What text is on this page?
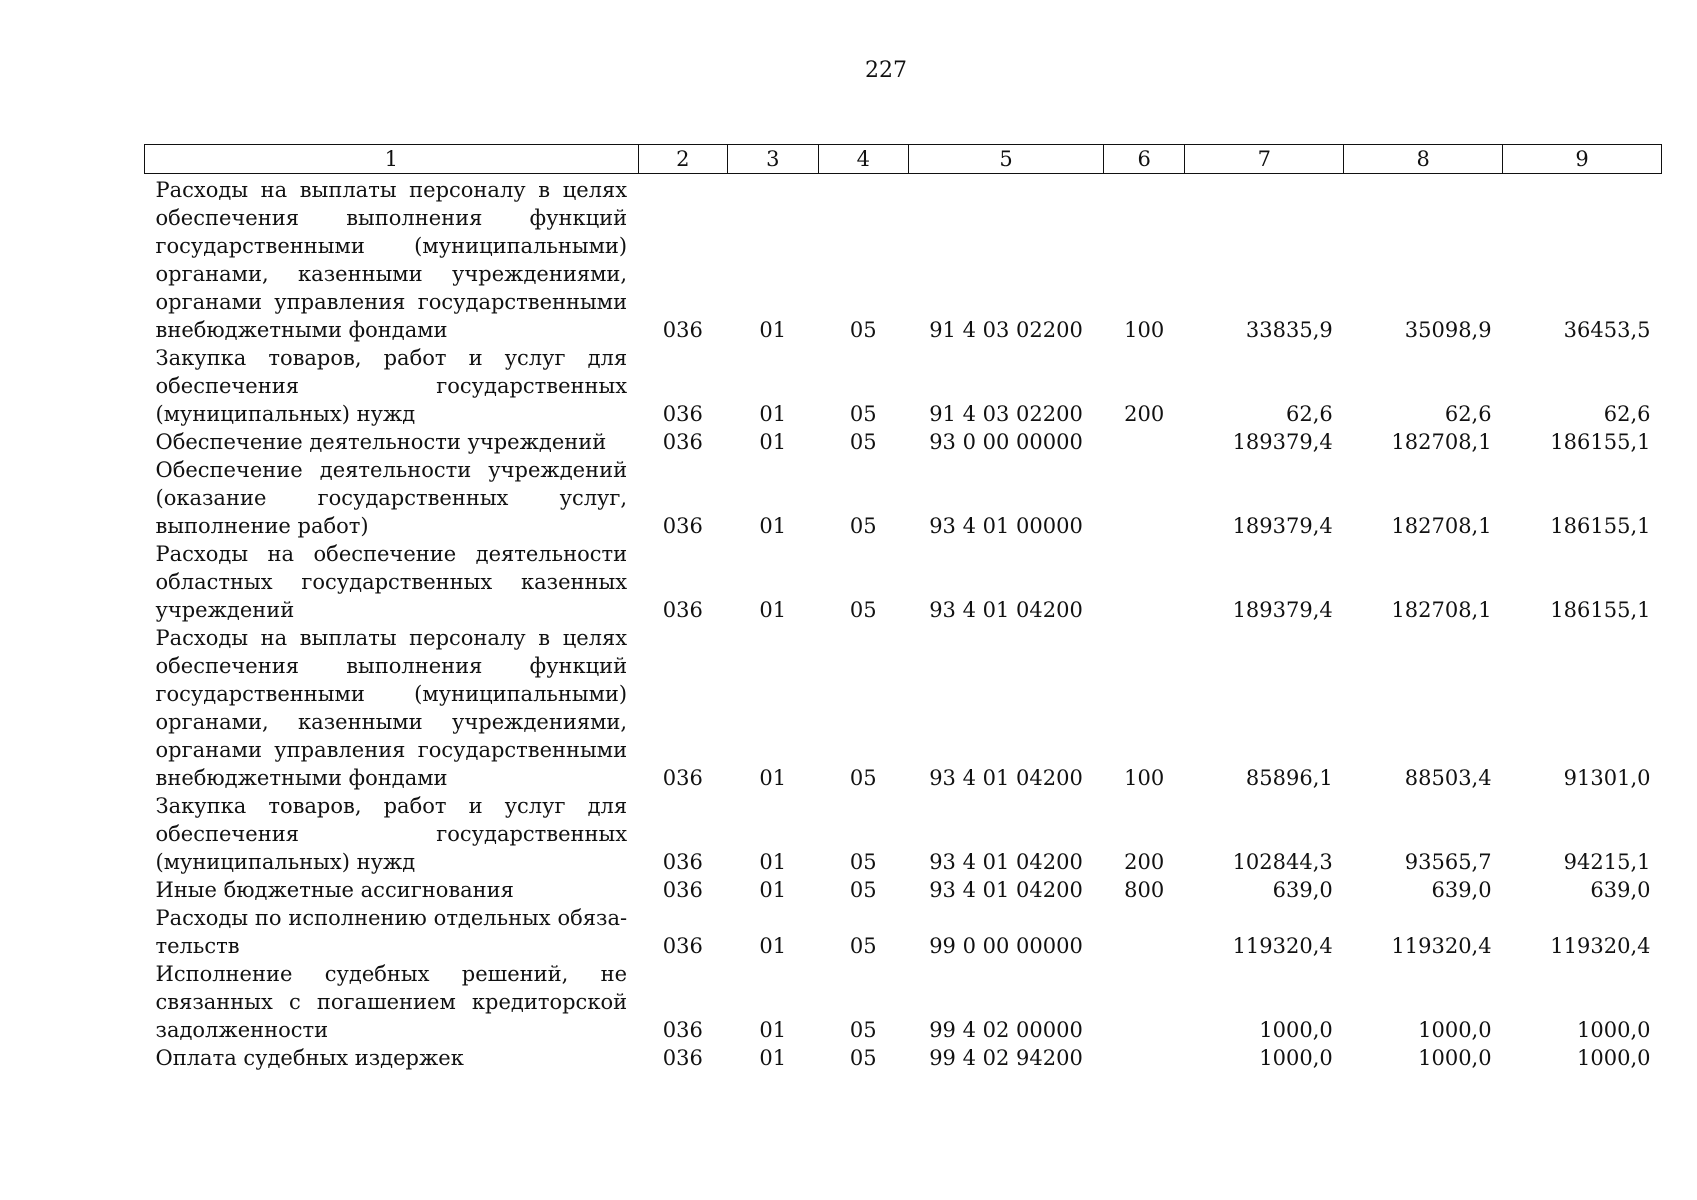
227
1	2	3	4	5	6	7	8	9
Расходы на выплаты персоналу в целях обеспечения выполнения функций государственными (муниципальными) органами, казенными учреждениями, органами управления государственными внебюджетными фондами	036	01	05	91 4 03 02200	100	33835,9	35098,9	36453,5
Закупка товаров, работ и услуг для обеспечения государственных (муниципальных) нужд	036	01	05	91 4 03 02200	200	62,6	62,6	62,6
Обеспечение деятельности учреждений	036	01	05	93 0 00 00000		189379,4	182708,1	186155,1
Обеспечение деятельности учреждений (оказание государственных услуг, выполнение работ)	036	01	05	93 4 01 00000		189379,4	182708,1	186155,1
Расходы на обеспечение деятельности областных государственных казенных учреждений	036	01	05	93 4 01 04200		189379,4	182708,1	186155,1
Расходы на выплаты персоналу в целях обеспечения выполнения функций государственными (муниципальными) органами, казенными учреждениями, органами управления государственными внебюджетными фондами	036	01	05	93 4 01 04200	100	85896,1	88503,4	91301,0
Закупка товаров, работ и услуг для обеспечения государственных (муниципальных) нужд	036	01	05	93 4 01 04200	200	102844,3	93565,7	94215,1
Иные бюджетные ассигнования	036	01	05	93 4 01 04200	800	639,0	639,0	639,0
Расходы по исполнению отдельных обязательств	036	01	05	99 0 00 00000		119320,4	119320,4	119320,4
Исполнение судебных решений, не связанных с погашением кредиторской задолженности	036	01	05	99 4 02 00000		1000,0	1000,0	1000,0
Оплата судебных издержек	036	01	05	99 4 02 94200		1000,0	1000,0	1000,0
